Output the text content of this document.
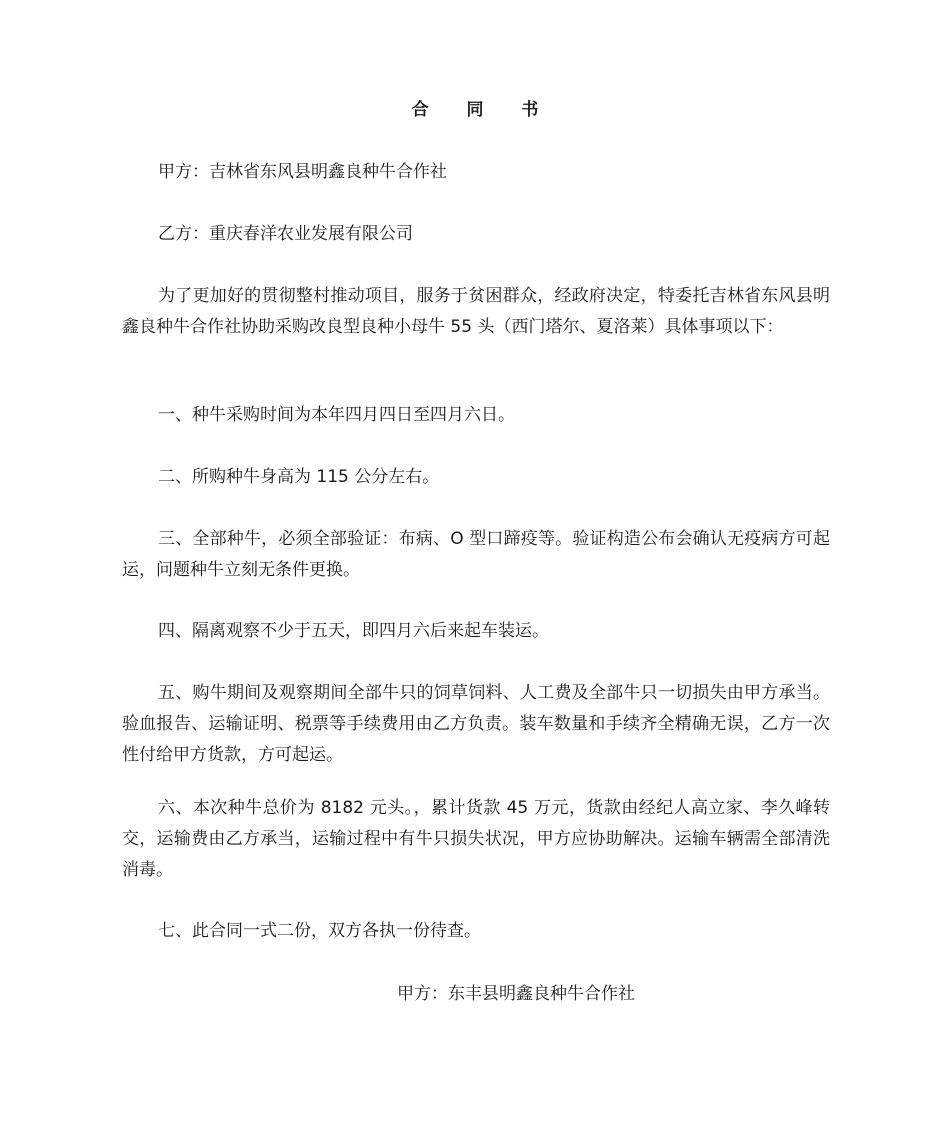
合 同 书
甲方：吉林省东风县明鑫良种牛合作社
乙方：重庆春洋农业发展有限公司
为了更加好的贯彻整村推动项目，服务于贫困群众，经政府决定，特委托吉林省东风县明鑫良种牛合作社协助采购改良型良种小母牛 55 头（西门塔尔、夏洛莱）具体事项以下：
一、种牛采购时间为本年四月四日至四月六日。
二、所购种牛身高为 115 公分左右。
三、全部种牛，必须全部验证：布病、O 型口蹄疫等。验证构造公布会确认无疫病方可起运，问题种牛立刻无条件更换。
四、隔离观察不少于五天，即四月六后来起车装运。
五、购牛期间及观察期间全部牛只的饲草饲料、人工费及全部牛只一切损失由甲方承当。验血报告、运输证明、税票等手续费用由乙方负责。装车数量和手续齐全精确无误，乙方一次性付给甲方货款，方可起运。
六、本次种牛总价为 8182 元头。，累计货款 45 万元，货款由经纪人高立家、李久峰转交，运输费由乙方承当，运输过程中有牛只损失状况，甲方应协助解决。运输车辆需全部清洗消毒。
七、此合同一式二份，双方各执一份待查。
甲方：东丰县明鑫良种牛合作社
